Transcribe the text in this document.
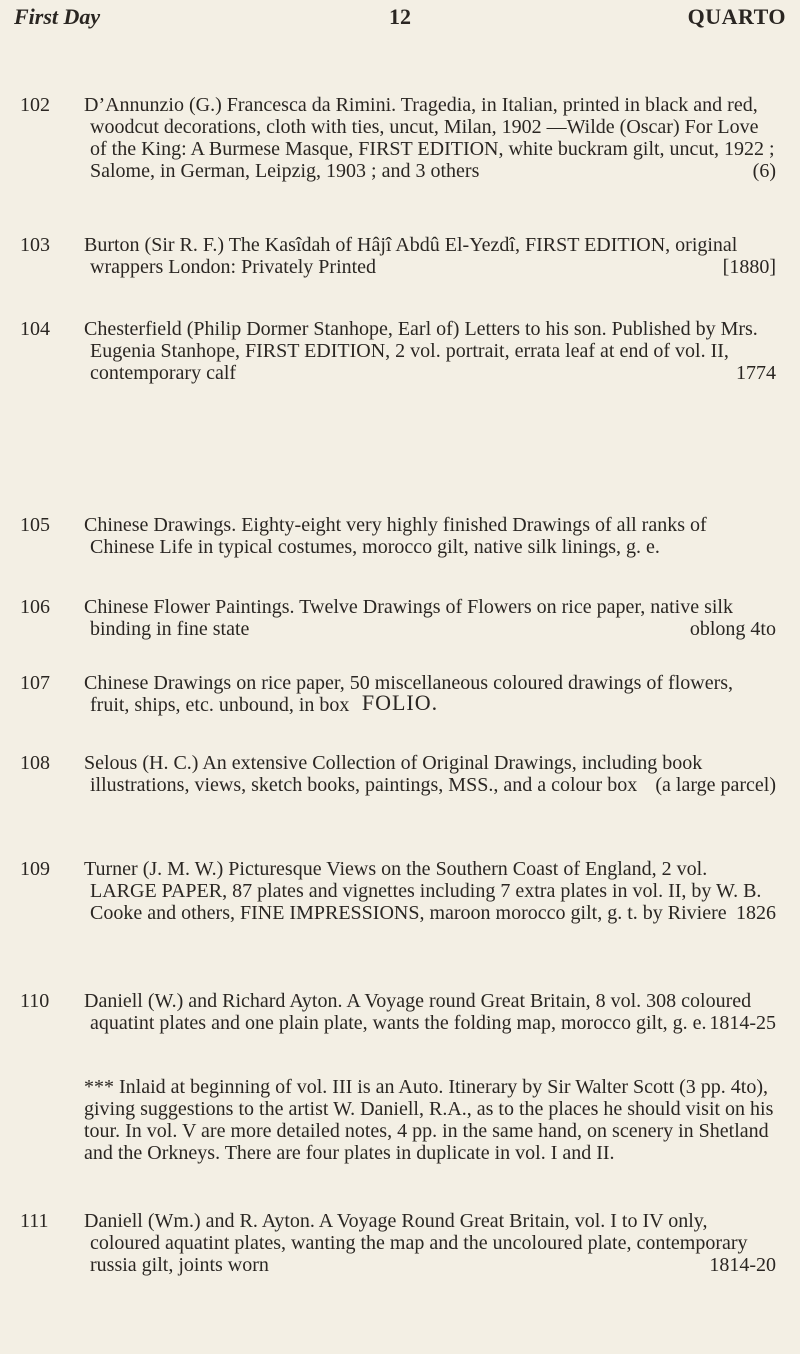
First Day	12	QUARTO
102	D’Annunzio (G.) Francesca da Rimini. Tragedia, in Italian, printed in black and red, woodcut decorations, cloth with ties, uncut, Milan, 1902 —Wilde (Oscar) For Love of the King: A Burmese Masque, FIRST EDITION, white buckram gilt, uncut, 1922 ; Salome, in German, Leipzig, 1903 ; and 3 others	(6)
103	Burton (Sir R. F.) The Kasîdah of Hâjî Abdû El-Yezdî, FIRST EDITION, original wrappers London: Privately Printed	[1880]
104	Chesterfield (Philip Dormer Stanhope, Earl of) Letters to his son. Published by Mrs. Eugenia Stanhope, FIRST EDITION, 2 vol. portrait, errata leaf at end of vol. II, contemporary calf	1774
FOLIO.
105	Chinese Drawings. Eighty-eight very highly finished Drawings of all ranks of Chinese Life in typical costumes, morocco gilt, native silk linings, g. e.
106	Chinese Flower Paintings. Twelve Drawings of Flowers on rice paper, native silk binding in fine state	oblong 4to
107	Chinese Drawings on rice paper, 50 miscellaneous coloured drawings of flowers, fruit, ships, etc. unbound, in box
108	Selous (H. C.) An extensive Collection of Original Drawings, including book illustrations, views, sketch books, paintings, MSS., and a colour box (a large parcel)
109	Turner (J. M. W.) Picturesque Views on the Southern Coast of England, 2 vol. LARGE PAPER, 87 plates and vignettes including 7 extra plates in vol. II, by W. B. Cooke and others, FINE IMPRESSIONS, maroon morocco gilt, g. t. by Riviere 1826
110	Daniell (W.) and Richard Ayton. A Voyage round Great Britain, 8 vol. 308 coloured aquatint plates and one plain plate, wants the folding map, morocco gilt, g. e. 1814-25
*** Inlaid at beginning of vol. III is an Auto. Itinerary by Sir Walter Scott (3 pp. 4to), giving suggestions to the artist W. Daniell, R.A., as to the places he should visit on his tour. In vol. V are more detailed notes, 4 pp. in the same hand, on scenery in Shetland and the Orkneys. There are four plates in duplicate in vol. I and II.
111	Daniell (Wm.) and R. Ayton. A Voyage Round Great Britain, vol. I to IV only, coloured aquatint plates, wanting the map and the uncoloured plate, contemporary russia gilt, joints worn	1814-20
